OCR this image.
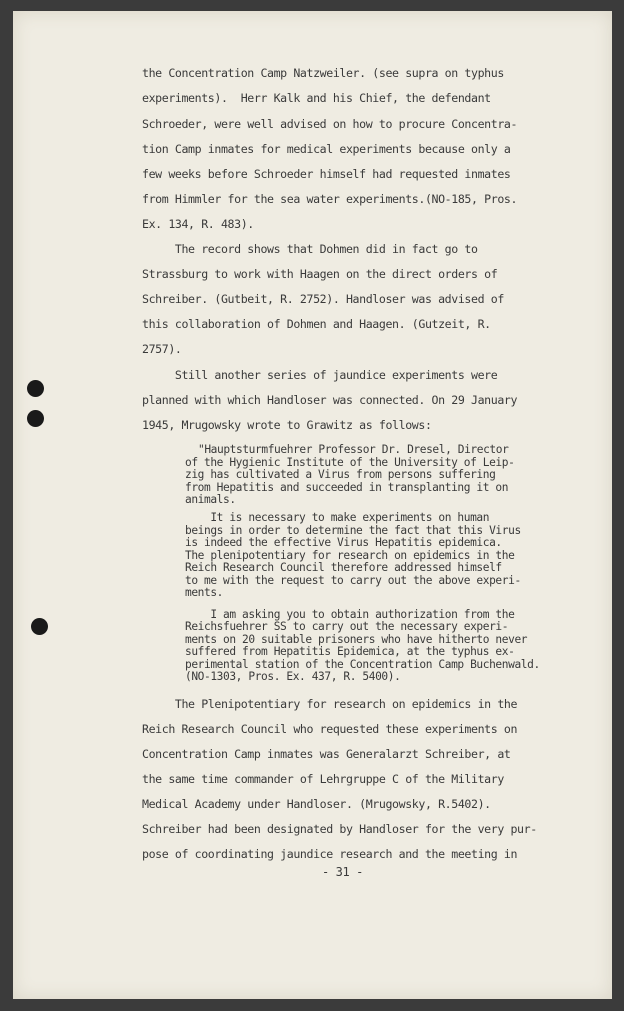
the Concentration Camp Natzweiler. (see supra on typhus
experiments).  Herr Kalk and his Chief, the defendant
Schroeder, were well advised on how to procure Concentra-
tion Camp inmates for medical experiments because only a
few weeks before Schroeder himself had requested inmates
from Himmler for the sea water experiments.(NO-185, Pros.
Ex. 134, R. 483).
The record shows that Dohmen did in fact go to
Strassburg to work with Haagen on the direct orders of
Schreiber. (Gutbeit, R. 2752). Handloser was advised of
this collaboration of Dohmen and Haagen. (Gutzeit, R.
2757).
Still another series of jaundice experiments were
planned with which Handloser was connected. On 29 January
1945, Mrugowsky wrote to Grawitz as follows:
"Hauptsturmfuehrer Professor Dr. Dresel, Director
of the Hygienic Institute of the University of Leip-
zig has cultivated a Virus from persons suffering
from Hepatitis and succeeded in transplanting it on
animals.
It is necessary to make experiments on human
beings in order to determine the fact that this Virus
is indeed the effective Virus Hepatitis epidemica.
The plenipotentiary for research on epidemics in the
Reich Research Council therefore addressed himself
to me with the request to carry out the above experi-
ments.
I am asking you to obtain authorization from the
Reichsfuehrer SS to carry out the necessary experi-
ments on 20 suitable prisoners who have hitherto never
suffered from Hepatitis Epidemica, at the typhus ex-
perimental station of the Concentration Camp Buchenwald.
(NO-1303, Pros. Ex. 437, R. 5400).
The Plenipotentiary for research on epidemics in the
Reich Research Council who requested these experiments on
Concentration Camp inmates was Generalarzt Schreiber, at
the same time commander of Lehrgruppe C of the Military
Medical Academy under Handloser. (Mrugowsky, R.5402).
Schreiber had been designated by Handloser for the very pur-
pose of coordinating jaundice research and the meeting in
- 31 -
